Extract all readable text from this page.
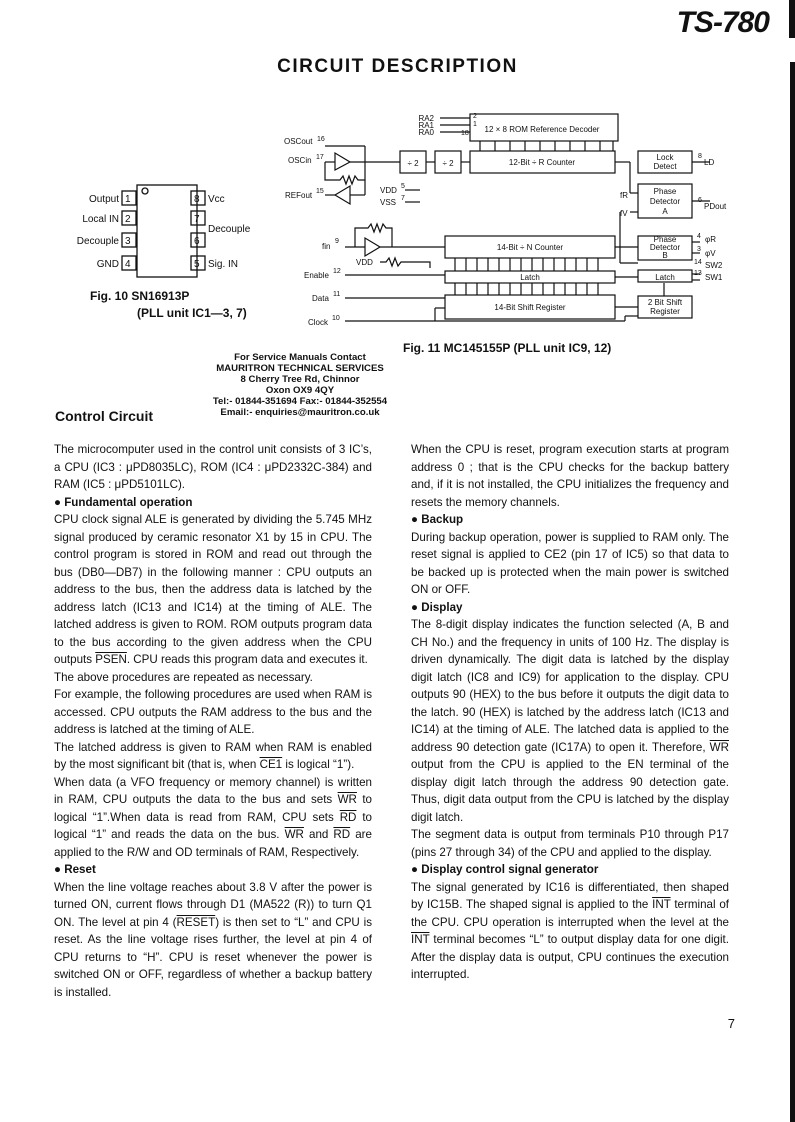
TS-780
CIRCUIT DESCRIPTION
1
2
3
4
8
7
6
5
Output
Local IN
Decouple
GND
Vcc
Decouple
Sig. IN
Fig. 10 SN16913P
(PLL unit IC1—3, 7)
12 × 8 ROM Reference Decoder
12-Bit ÷ R Counter
÷ 2	÷ 2
Lock
Detect
Phase
Detector
A
Phase
Detector
B
14-Bit ÷ N Counter
Latch	Latch
14-Bit Shift Register
2 Bit Shift
Register
RA2
RA1
RA0
2
1
18
OSCout 16
OSCin 17
REFout 15	VDD 5
VSS 7
fin
9
VDD
Enable 12
Data 11
Clock 10
fR
fV
LD
8
PDout
6
φR
4
φV
3
SW2
14
SW1
13
Fig. 11 MC145155P (PLL unit IC9, 12)
For Service Manuals Contact
MAURITRON TECHNICAL SERVICES
8 Cherry Tree Rd, Chinnor
Oxon OX9 4QY
Tel:- 01844-351694 Fax:- 01844-352554
Email:- enquiries@mauritron.co.uk
Control Circuit

The microcomputer used in the control unit consists of 3 IC’s, a CPU (IC3 : μPD8035LC), ROM (IC4 : μPD2332C-384) and RAM (IC5 : μPD5101LC).

● Fundamental operation

CPU clock signal ALE is generated by dividing the 5.745 MHz signal produced by ceramic resonator X1 by 15 in CPU. The control program is stored in ROM and read out through the bus (DB0—DB7) in the following manner : CPU outputs an address to the bus, then the address data is latched by the address latch (IC13 and IC14) at the timing of ALE. The latched address is given to ROM. ROM outputs program data to the bus according to the given address when the CPU outputs PSEN. CPU reads this program data and executes it.

The above procedures are repeated as necessary.

For example, the following procedures are used when RAM is accessed. CPU outputs the RAM address to the bus and the address is latched at the timing of ALE.

The latched address is given to RAM when RAM is enabled by the most significant bit (that is, when CE1 is logical “1”).

When data (a VFO frequency or memory channel) is written in RAM, CPU outputs the data to the bus and sets $\overline{WR}$ to logical “1”.When data is read from RAM, CPU sets $\overline{RD}$ to logical “1” and reads the data on the bus. $\overline{WR}$ and $\overline{RD}$ are applied to the R/W and OD terminals of RAM, Respectively.

● Reset

When the line voltage reaches about 3.8 V after the power is turned ON, current flows through D1 (MA522 (R)) to turn Q1 ON. The level at pin 4 (RESET) is then set to “L” and CPU is reset. As the line voltage rises further, the level at pin 4 of CPU returns to “H”. CPU is reset whenever the power is switched ON or OFF, regardless of whether a backup battery is installed.

When the CPU is reset, program execution starts at program address 0 ; that is the CPU checks for the backup battery and, if it is not installed, the CPU initializes the frequency and resets the memory channels.

● Backup

During backup operation, power is supplied to RAM only. The reset signal is applied to CE2 (pin 17 of IC5) so that data to be backed up is protected when the main power is switched ON or OFF.

● Display

The 8-digit display indicates the function selected (A, B and CH No.) and the frequency in units of 100 Hz. The display is driven dynamically. The digit data is latched by the display digit latch (IC8 and IC9) for application to the display. CPU outputs 90 (HEX) to the bus before it outputs the digit data to the latch. 90 (HEX) is latched by the address latch (IC13 and IC14) at the timing of ALE. The latched data is applied to the address 90 detection gate (IC17A) to open it. Therefore, $\overline{WR}$ output from the CPU is applied to the EN terminal of the display digit latch through the address 90 detection gate. Thus, digit data output from the CPU is latched by the display digit latch.

The segment data is output from terminals P10 through P17 (pins 27 through 34) of the CPU and applied to the display.

● Display control signal generator

The signal generated by IC16 is differentiated, then shaped by IC15B. The shaped signal is applied to the $\overline{INT}$ terminal of the CPU. CPU operation is interrupted when the level at the $\overline{INT}$ terminal becomes “L” to output display data for one digit. After the display data is output, CPU continues the execution interrupted.

7
